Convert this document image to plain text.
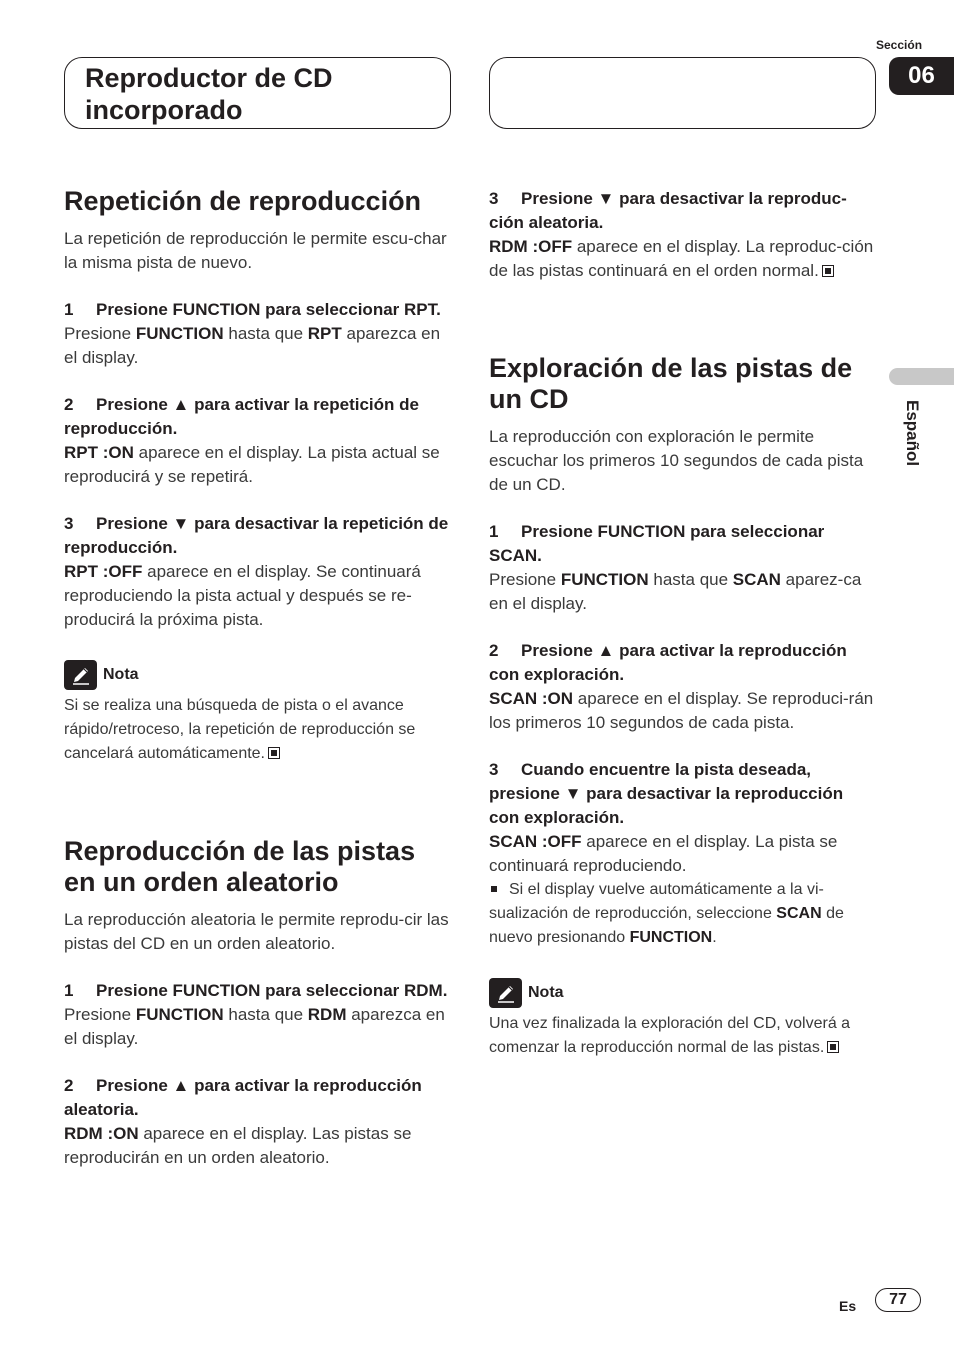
Reproductor de CD
incorporado
Sección
06
Español
Repetición de reproducción

La repetición de reproducción le permite escu-char la misma pista de nuevo.

1 Presione FUNCTION para seleccionar RPT.

Presione FUNCTION hasta que RPT aparezca en el display.

2 Presione ▲ para activar la repetición de reproducción.

RPT :ON aparece en el display. La pista actual se reproducirá y se repetirá.

3 Presione ▼ para desactivar la repetición de reproducción.

RPT :OFF aparece en el display. Se continuará reproduciendo la pista actual y después se re-producirá la próxima pista.

Nota
Si se realiza una búsqueda de pista o el avance rápido/retroceso, la repetición de reproducción se cancelará automáticamente.
Reproducción de las pistas en un orden aleatorio

La reproducción aleatoria le permite reprodu-cir las pistas del CD en un orden aleatorio.

1 Presione FUNCTION para seleccionar RDM.

Presione FUNCTION hasta que RDM aparezca en el display.

2 Presione ▲ para activar la reproducción aleatoria.

RDM :ON aparece en el display. Las pistas se reproducirán en un orden aleatorio.

3 Presione ▼ para desactivar la reproduc-ción aleatoria.

RDM :OFF aparece en el display. La reproduc-ción de las pistas continuará en el orden normal.

Exploración de las pistas de un CD

La reproducción con exploración le permite escuchar los primeros 10 segundos de cada pista de un CD.

1 Presione FUNCTION para seleccionar SCAN.

Presione FUNCTION hasta que SCAN aparez-ca en el display.

2 Presione ▲ para activar la reproducción con exploración.

SCAN :ON aparece en el display. Se reproduci-rán los primeros 10 segundos de cada pista.

3 Cuando encuentre la pista deseada, presione ▼ para desactivar la reproducción con exploración.

SCAN :OFF aparece en el display. La pista se continuará reproduciendo.

Si el display vuelve automáticamente a la vi-sualización de reproducción, seleccione SCAN de nuevo presionando FUNCTION.
Nota
Una vez finalizada la exploración del CD, volverá a comenzar la reproducción normal de las pistas.
Es	77
